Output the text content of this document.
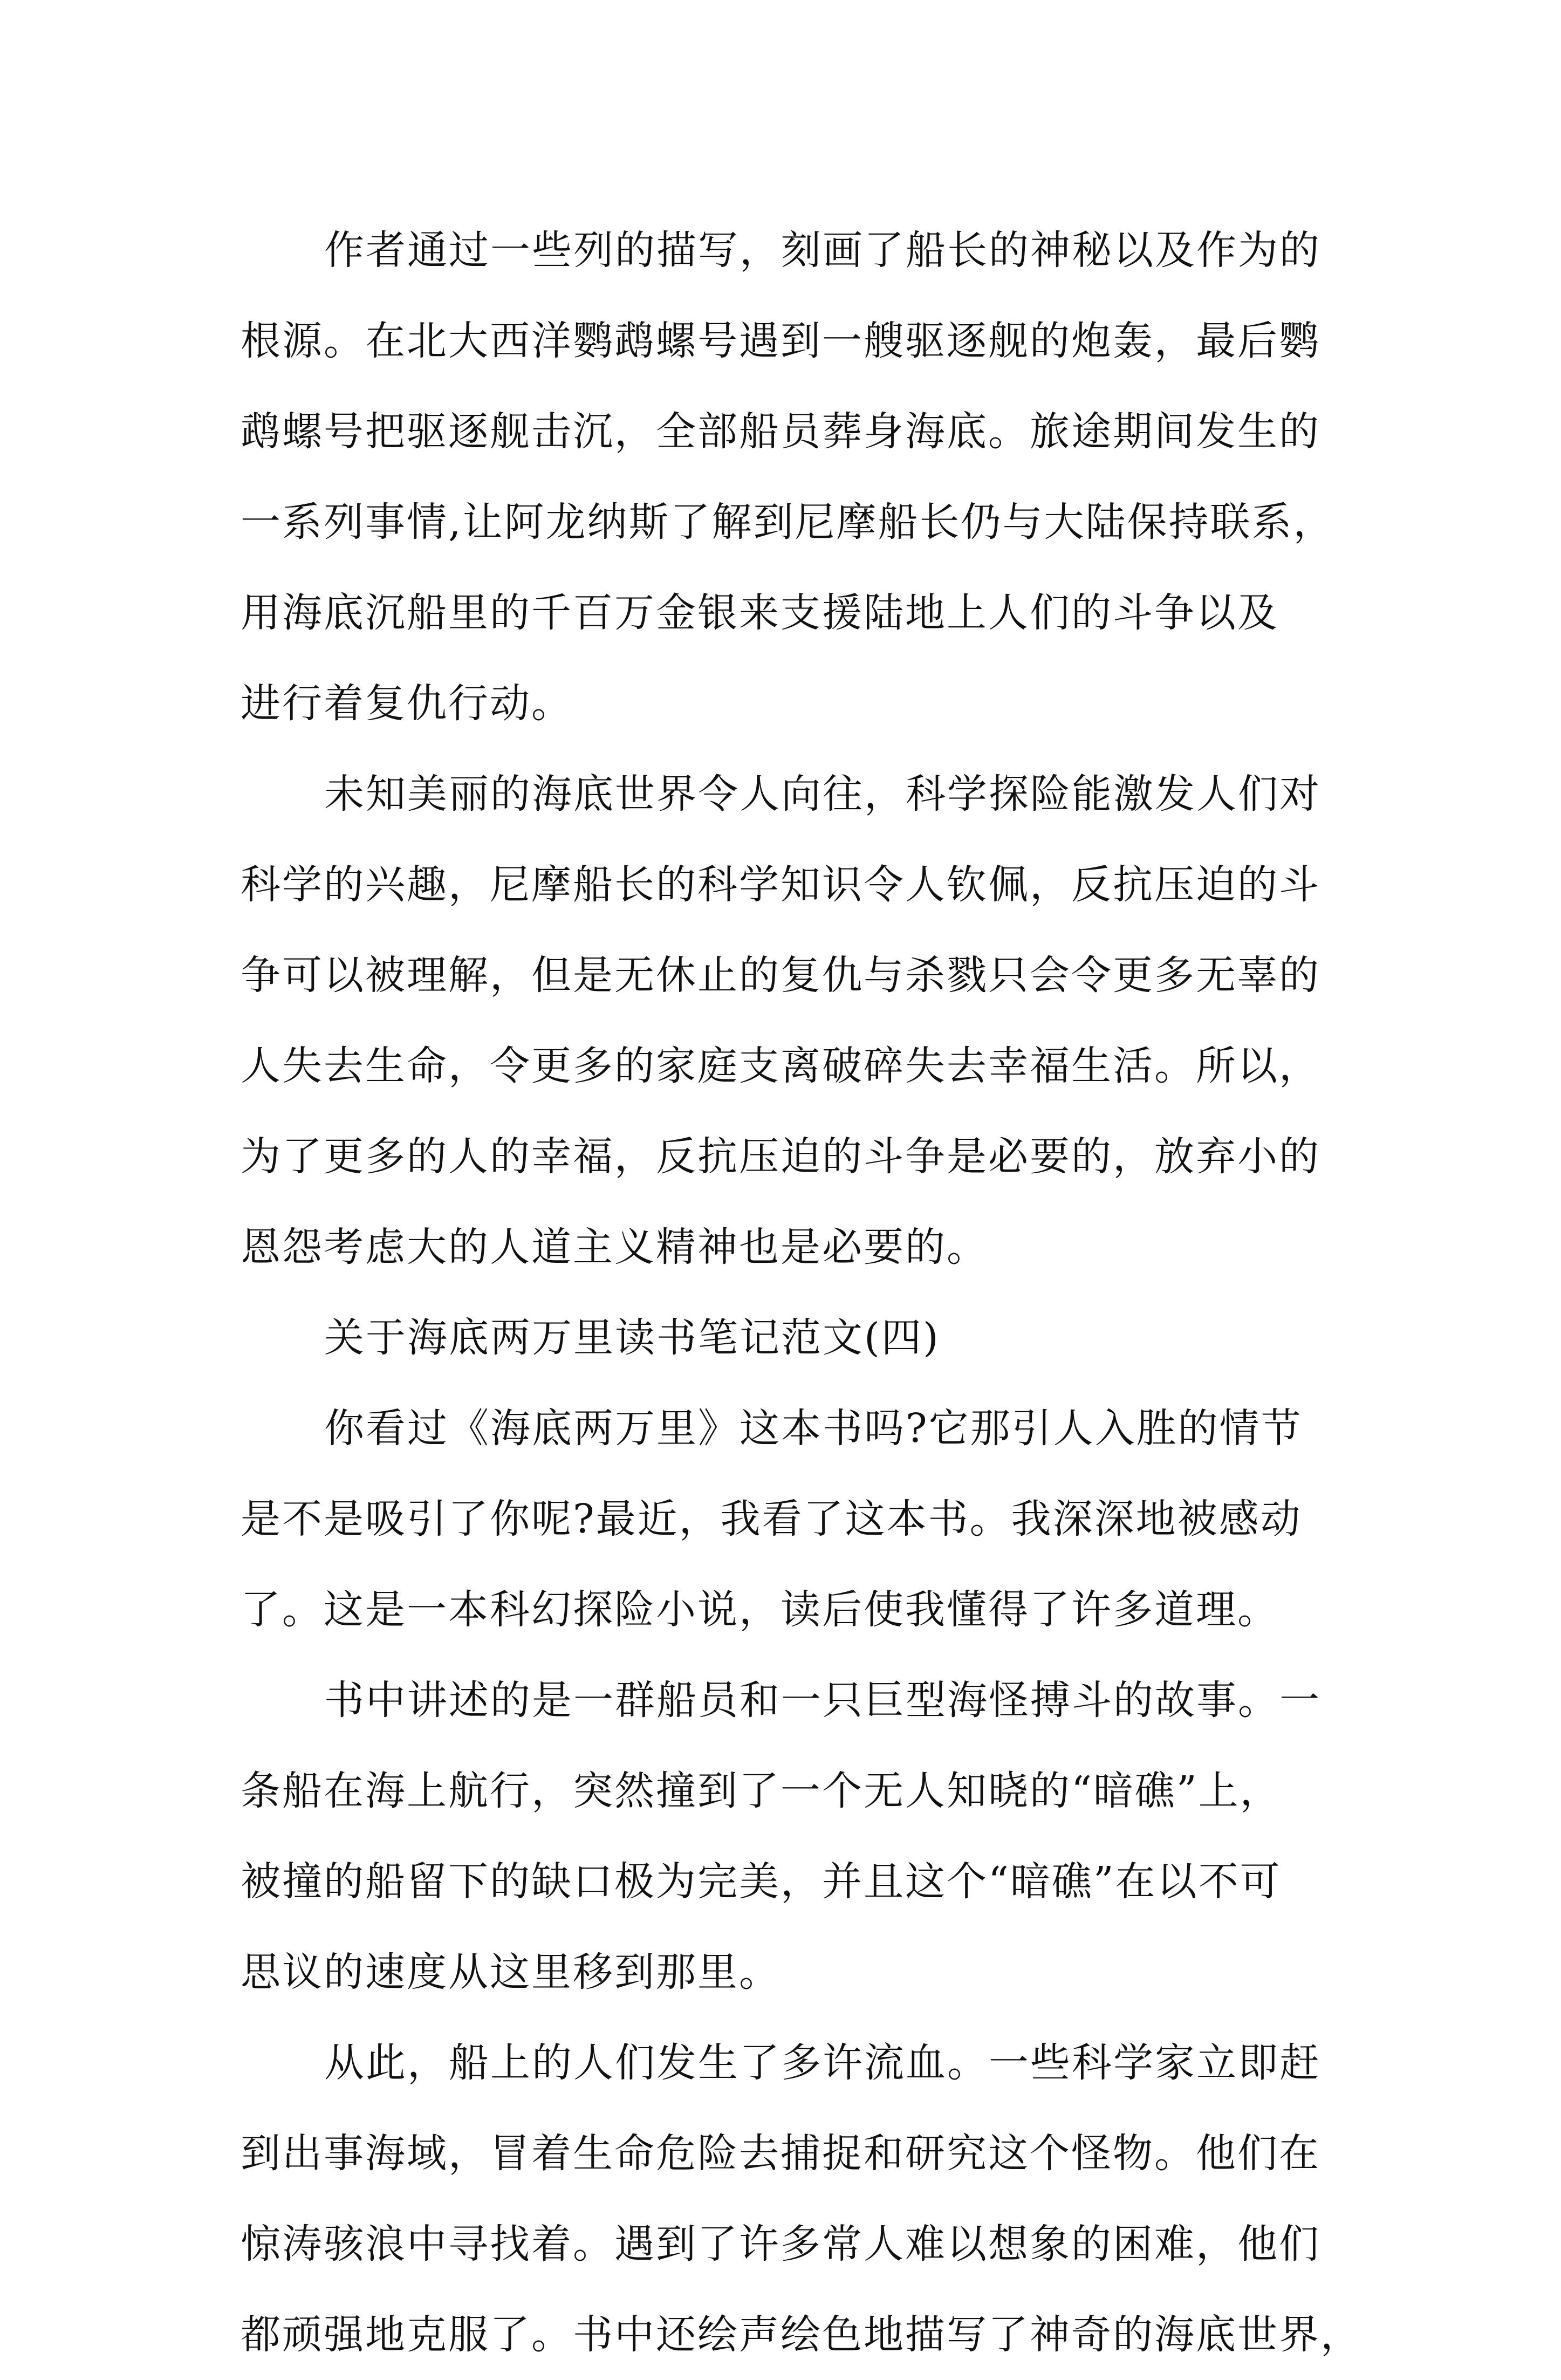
作者通过一些列的描写，刻画了船长的神秘以及作为的
根源。在北大西洋鹦鹉螺号遇到一艘驱逐舰的炮轰，最后鹦
鹉螺号把驱逐舰击沉，全部船员葬身海底。旅途期间发生的
一系列事情,让阿龙纳斯了解到尼摩船长仍与大陆保持联系，
用海底沉船里的千百万金银来支援陆地上人们的斗争以及
进行着复仇行动。
未知美丽的海底世界令人向往，科学探险能激发人们对
科学的兴趣，尼摩船长的科学知识令人钦佩，反抗压迫的斗
争可以被理解，但是无休止的复仇与杀戮只会令更多无辜的
人失去生命，令更多的家庭支离破碎失去幸福生活。所以，
为了更多的人的幸福，反抗压迫的斗争是必要的，放弃小的
恩怨考虑大的人道主义精神也是必要的。
关于海底两万里读书笔记范文(四)
你看过《海底两万里》这本书吗?它那引人入胜的情节
是不是吸引了你呢?最近，我看了这本书。我深深地被感动
了。这是一本科幻探险小说，读后使我懂得了许多道理。
书中讲述的是一群船员和一只巨型海怪搏斗的故事。一
条船在海上航行，突然撞到了一个无人知晓的“暗礁”上，
被撞的船留下的缺口极为完美，并且这个“暗礁”在以不可
思议的速度从这里移到那里。
从此，船上的人们发生了多许流血。一些科学家立即赶
到出事海域，冒着生命危险去捕捉和研究这个怪物。他们在
惊涛骇浪中寻找着。遇到了许多常人难以想象的困难，他们
都顽强地克服了。书中还绘声绘色地描写了神奇的海底世界，
